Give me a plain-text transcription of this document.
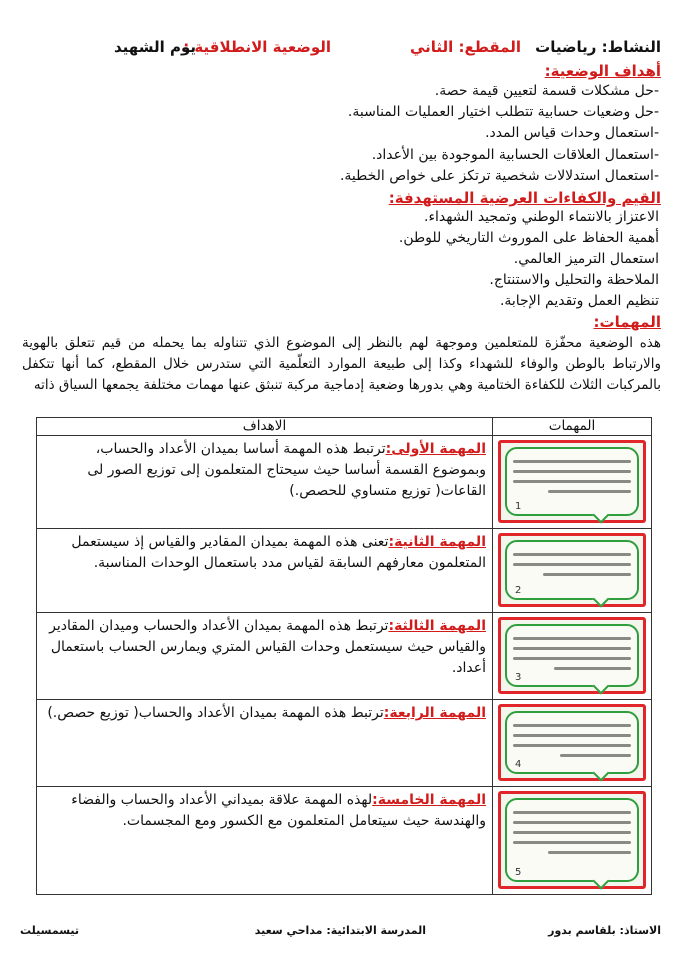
النشاط: رياضيات
المقطع: الثاني
الوضعية الانطلاقية :
يوم الشهيد
أهداف الوضعية:
-حل مشكلات قسمة لتعيين قيمة حصة.
-حل وضعيات حسابية تتطلب اختيار العمليات المناسبة.
-استعمال وحدات قياس المدد.
-استعمال العلاقات الحسابية الموجودة بين الأعداد.
-استعمال استدلالات شخصية ترتكز على خواص الخطية.
القيم والكفاءات العرضية المستهدفة:
الاعتزاز بالانتماء الوطني وتمجيد الشهداء.
أهمية الحفاظ على الموروث التاريخي للوطن.
استعمال الترميز العالمي.
الملاحظة والتحليل والاستنتاج.
تنظيم العمل وتقديم الإجابة.
المهمات:
هذه الوضعية محفّزة للمتعلمين وموجهة لهم بالنظر إلى الموضوع الذي تتناوله بما يحمله من قيم تتعلق بالهوية والارتباط بالوطن والوفاء للشهداء وكذا إلى طبيعة الموارد التعلّمية التي ستدرس خلال المقطع، كما أنها تتكفل بالمركبات الثلاث للكفاءة الختامية وهي بدورها وضعية إدماجية مركبة تنبثق عنها مهمات مختلفة يجمعها السياق ذاته
المهمات	الاهداف

1	المهمة الأولى:ترتبط هذه المهمة أساسا بميدان الأعداد والحساب، وبموضوع القسمة أساسا حيث سيحتاج المتعلمون إلى توزيع الصور لى القاعات( توزيع متساوي للحصص.)

2	المهمة الثانية:تعنى هذه المهمة بميدان المقادير والقياس إذ سيستعمل المتعلمون معارفهم السابقة لقياس مدد باستعمال الوحدات المناسبة.

3	المهمة الثالثة:ترتبط هذه المهمة بميدان الأعداد والحساب وميدان المقادير والقياس حيث سيستعمل وحدات القياس المتري ويمارس الحساب باستعمال أعداد.

4	المهمة الرابعة:ترتبط هذه المهمة بميدان الأعداد والحساب( توزيع حصص.)

5	المهمة الخامسة:لهذه المهمة علاقة بميداني الأعداد والحساب والفضاء والهندسة حيث سيتعامل المتعلمون مع الكسور ومع المجسمات.
الاستاذ: بلقاسم بدور
المدرسة الابتدائية: مداحي سعيد
تيسمسيلت
